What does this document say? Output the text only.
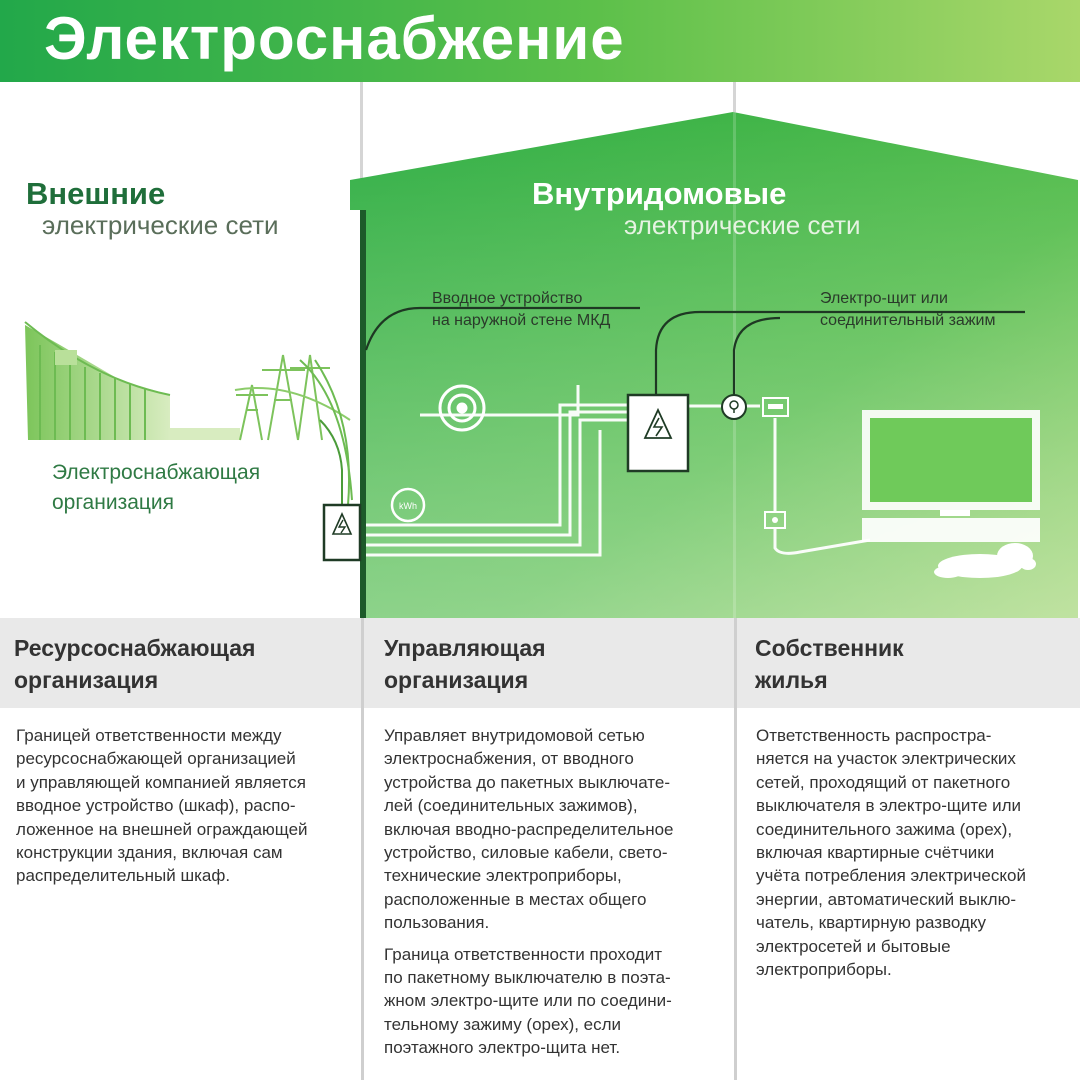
Электроснабжение
kWh
Внешние
электрические сети
Внутридомовые
электрические сети
Электроснабжающая
организация
Вводное устройство
на наружной стене МКД
Электро-щит или
соединительный зажим
Ресурсоснабжающая
организация
Управляющая
организация
Собственник
жилья

Границей ответственности между
ресурсоснабжающей организацией
и управляющей компанией является
вводное устройство (шкаф), распо-
ложенное на внешней ограждающей
конструкции здания, включая сам
распределительный шкаф.

Управляет внутридомовой сетью
электроснабжения, от вводного
устройства до пакетных выключате-
лей (соединительных зажимов),
включая вводно-распределительное
устройство, силовые кабели, свето-
технические электроприборы,
расположенные в местах общего
пользования.

Граница ответственности проходит
по пакетному выключателю в поэта-
жном электро-щите или по соедини-
тельному зажиму (орех), если
поэтажного электро-щита нет.

Ответственность распростра-
няется на участок электрических
сетей, проходящий от пакетного
выключателя в электро-щите или
соединительного зажима (орех),
включая квартирные счётчики
учёта потребления электрической
энергии, автоматический выклю-
чатель, квартирную разводку
электросетей и бытовые
электроприборы.
